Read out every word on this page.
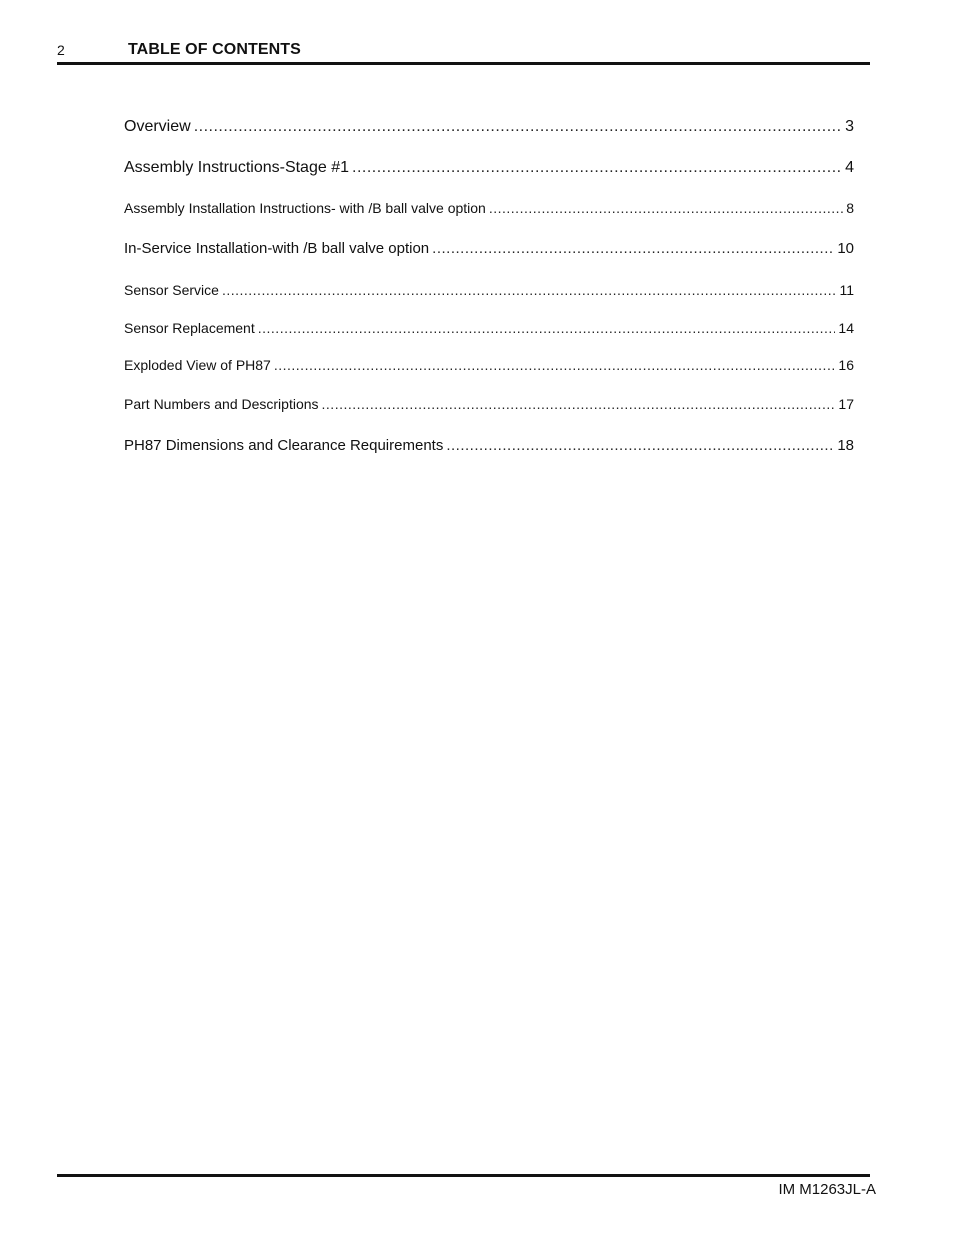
2	TABLE OF CONTENTS
Overview .....	3
Assembly Instructions-Stage #1 .....	4
Assembly Installation Instructions- with /B ball valve option .....	8
In-Service Installation-with /B ball valve option .....	10
Sensor Service .....	11
Sensor Replacement .....	14
Exploded View of PH87 .....	16
Part Numbers and Descriptions .....	17
PH87 Dimensions and Clearance Requirements .....	18
IM M1263JL-A
